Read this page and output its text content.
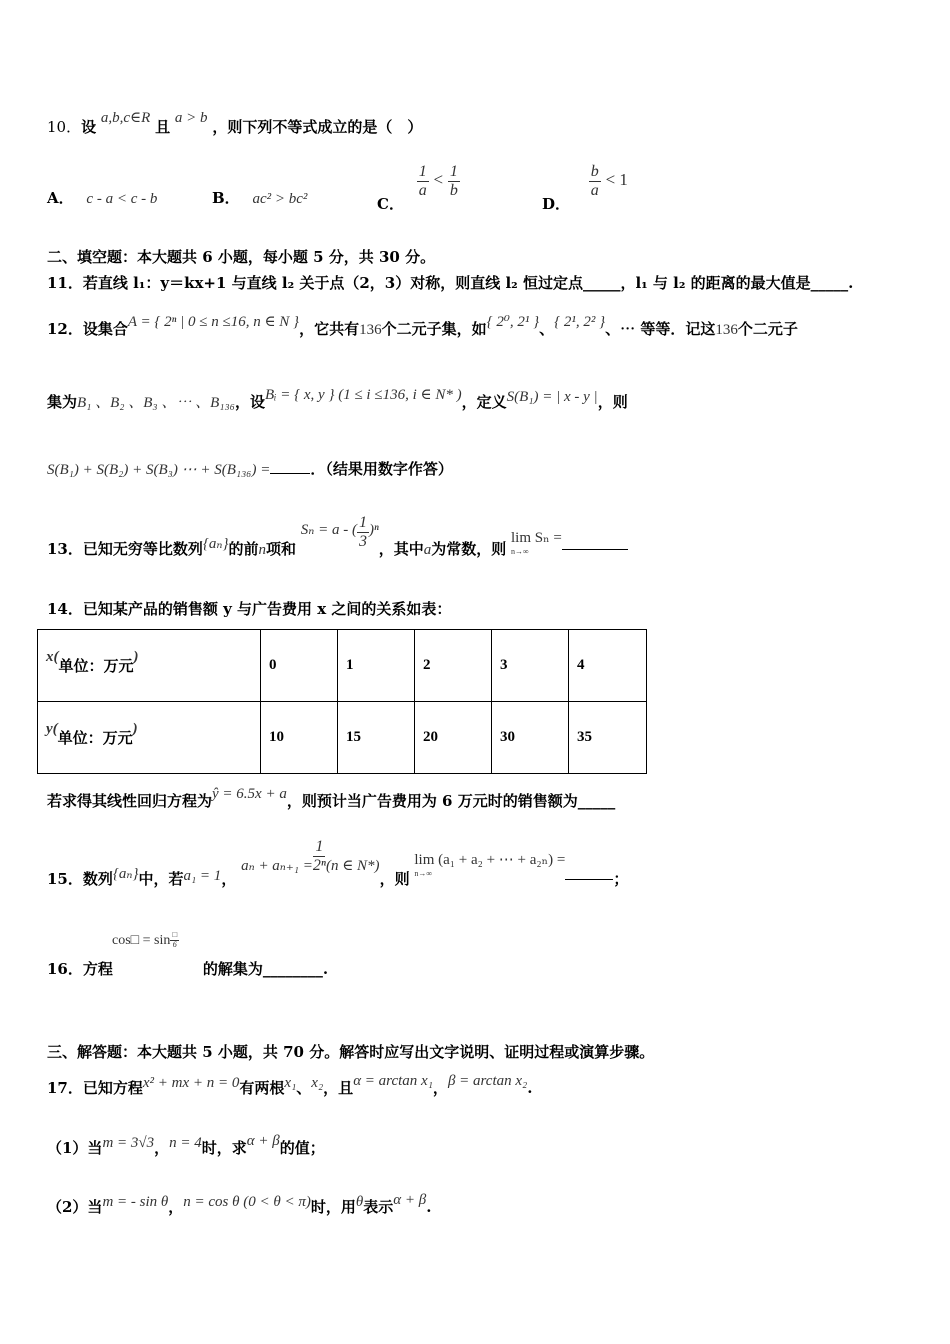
10．设 a,b,c∈R 且 a > b ，则下列不等式成立的是（　）
A． c - a < c - b	B． ac² > bc²	C．
$\frac{1}{a} < \frac{1}{b}$
D．
$\frac{b}{a} < 1$
二、填空题：本大题共 6 小题，每小题 5 分，共 30 分。
11．若直线 l₁：y＝kx+1 与直线 l₂ 关于点（2，3）对称，则直线 l₂ 恒过定点_____，l₁ 与 l₂ 的距离的最大值是_____.
12．设集合A = { 2ⁿ | 0 ≤ n ≤16, n ∈ N }，它共有136个二元子集，如{ 2⁰, 2¹ }、{ 2¹, 2² }、⋯ 等等．记这136个二元子
集为B₁ 、B₂ 、B₃ 、⋯ 、B₁₃₆，设Bᵢ = { x, y } (1 ≤ i ≤136, i ∈ N* )，定义S(B₁) = | x - y |，则
S(B₁) + S(B₂) + S(B₃) ⋯ + S(B₁₃₆) =	．（结果用数字作答）
13．已知无穷等比数列{aₙ}的前n项和 Sₙ = a - ( $\frac{1}{3} )^n$，其中a为常数，则
lim Sₙ =
n→∞
14．已知某产品的销售额 y 与广告费用 x 之间的关系如表：
x(单位：万元)	0	1	2	3	4
y(单位：万元)	10	15	20	30	35
若求得其线性回归方程为ŷ = 6.5x + a，则预计当广告费用为 6 万元时的销售额为_____
15．数列{aₙ}中，若a₁ = 1， $a_n + a_{n+1} = \frac{1}{\text{2ⁿ}} (n$ ∈ N*)，则
lim (a₁ + a₂ + ⋯ + a₂ₙ) =
n→∞	；
cos□ = $\sin \frac{□}{6}$
16．方程	的解集为________.
三、解答题：本大题共 5 小题，共 70 分。解答时应写出文字说明、证明过程或演算步骤。
17．已知方程x² + mx + n = 0有两根x₁、x₂，且α = arctan x₁，β = arctan x₂.
（1）当m = 3√3，n = 4时，求α + β的值；
（2）当m = - sin θ，n = cos θ (0 < θ < π)时，用θ表示α + β.
